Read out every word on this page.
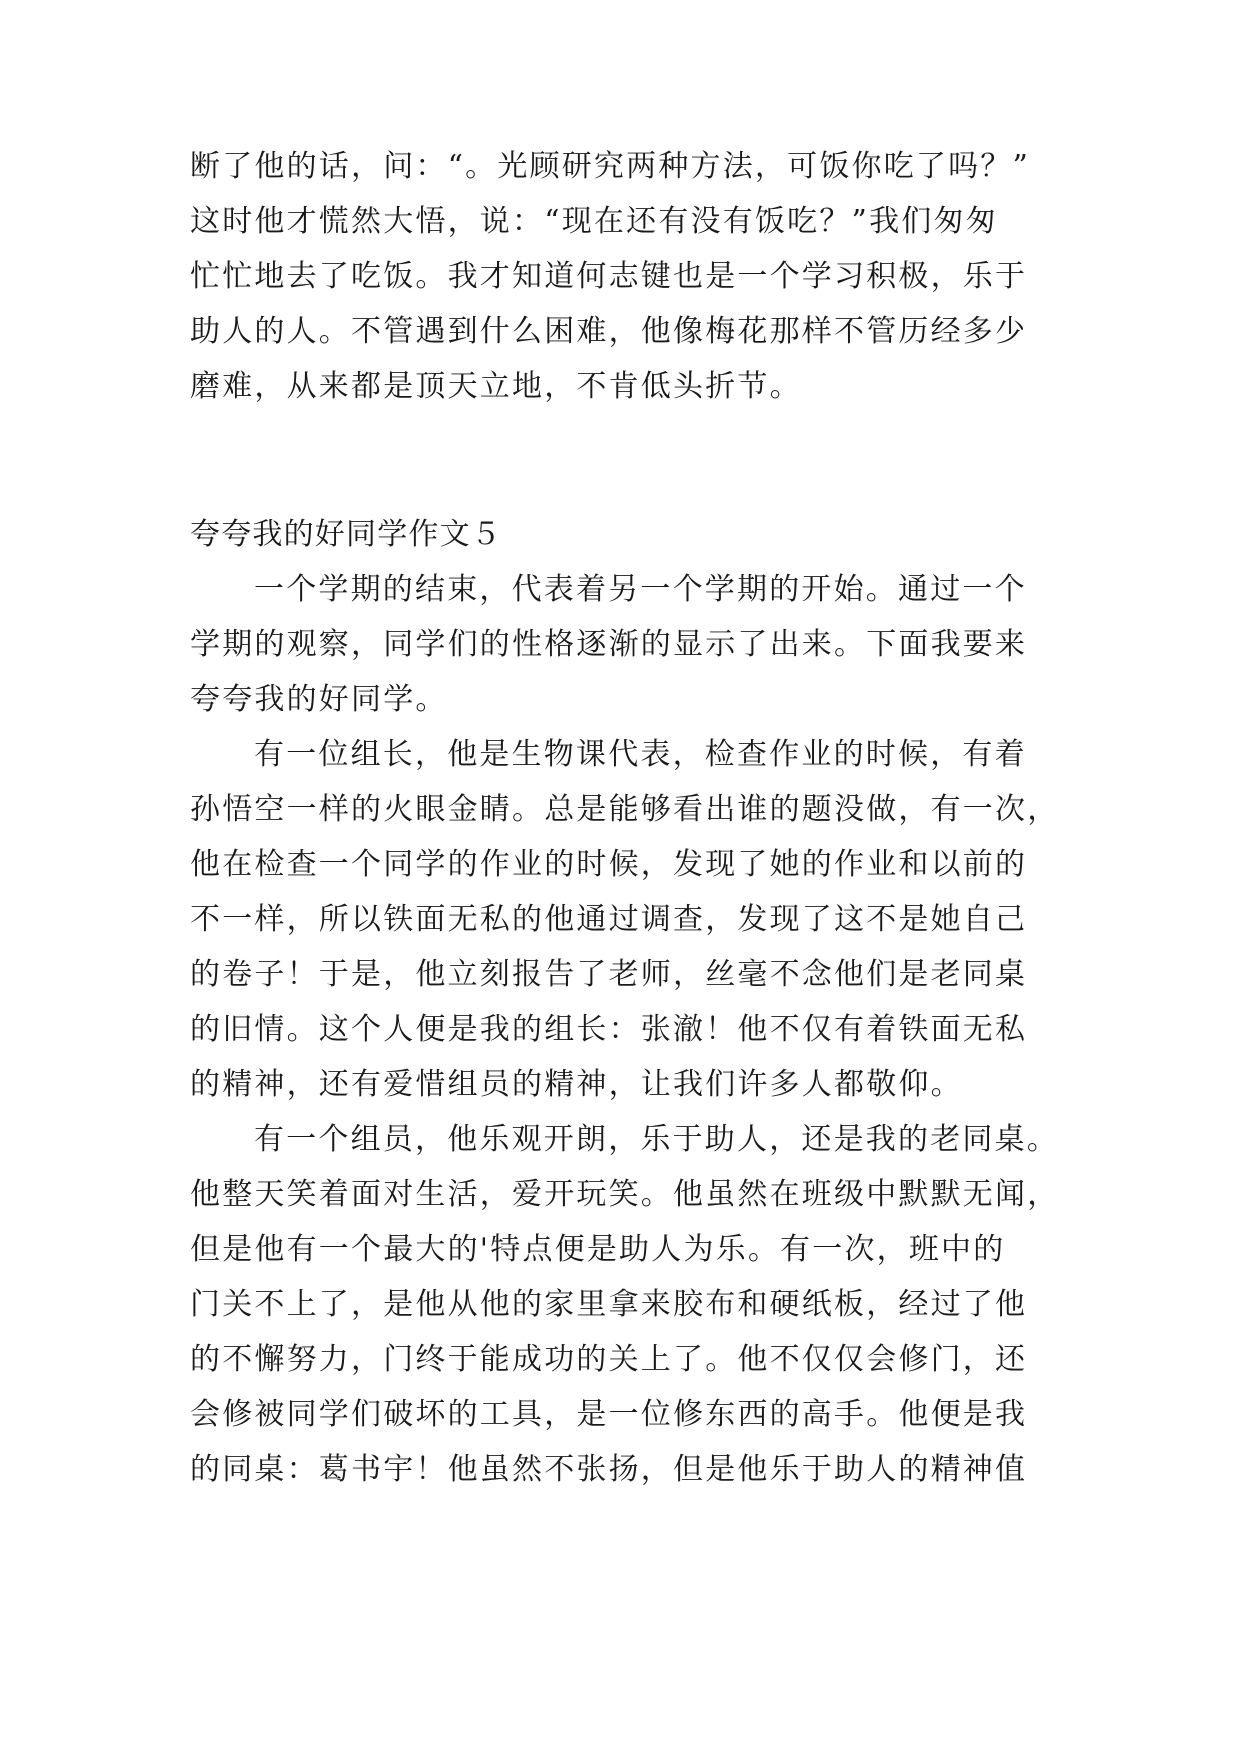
断了他的话，问：“。光顾研究两种方法，可饭你吃了吗？”
这时他才慌然大悟，说：“现在还有没有饭吃？”我们匆匆
忙忙地去了吃饭。我才知道何志键也是一个学习积极，乐于
助人的人。不管遇到什么困难，他像梅花那样不管历经多少
磨难，从来都是顶天立地，不肯低头折节。
夸夸我的好同学作文５
一个学期的结束，代表着另一个学期的开始。通过一个
学期的观察，同学们的性格逐渐的显示了出来。下面我要来
夸夸我的好同学。
有一位组长，他是生物课代表，检查作业的时候，有着
孙悟空一样的火眼金睛。总是能够看出谁的题没做，有一次，
他在检查一个同学的作业的时候，发现了她的作业和以前的
不一样，所以铁面无私的他通过调查，发现了这不是她自己
的卷子！于是，他立刻报告了老师，丝毫不念他们是老同桌
的旧情。这个人便是我的组长：张澈！他不仅有着铁面无私
的精神，还有爱惜组员的精神，让我们许多人都敬仰。
有一个组员，他乐观开朗，乐于助人，还是我的老同桌。
他整天笑着面对生活，爱开玩笑。他虽然在班级中默默无闻，
但是他有一个最大的'特点便是助人为乐。有一次，班中的
门关不上了，是他从他的家里拿来胶布和硬纸板，经过了他
的不懈努力，门终于能成功的关上了。他不仅仅会修门，还
会修被同学们破坏的工具，是一位修东西的高手。他便是我
的同桌：葛书宇！他虽然不张扬，但是他乐于助人的精神值
